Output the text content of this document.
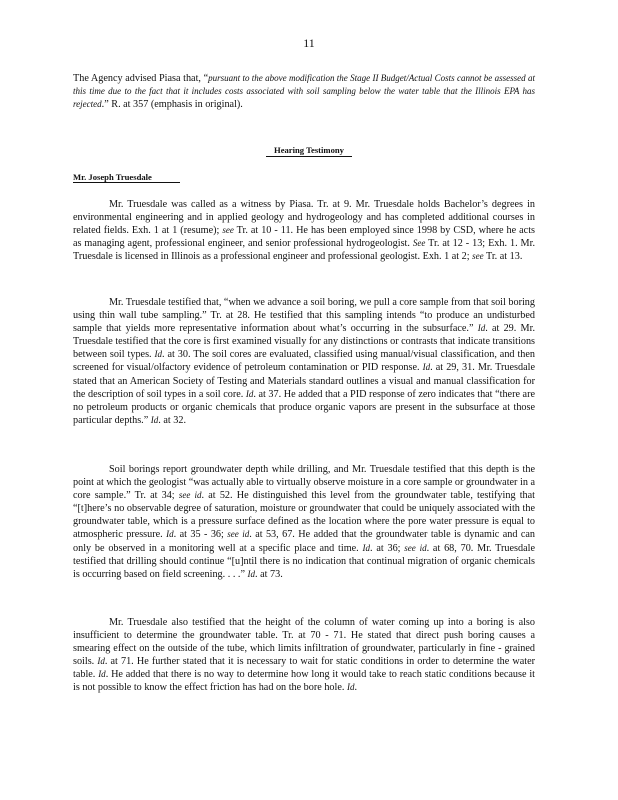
11

The Agency advised Piasa that, “pursuant to the above modification the Stage II Budget/Actual Costs cannot be assessed at this time due to the fact that it includes costs associated with soil sampling below the water table that the Illinois EPA has rejected.” R. at 357 (emphasis in original).

Hearing Testimony
Mr. Joseph Truesdale

Mr. Truesdale was called as a witness by Piasa. Tr. at 9. Mr. Truesdale holds Bachelor’s degrees in environmental engineering and in applied geology and hydrogeology and has completed additional courses in related fields. Exh. 1 at 1 (resume); see Tr. at 10 - 11. He has been employed since 1998 by CSD, where he acts as managing agent, professional engineer, and senior professional hydrogeologist. See Tr. at 12 - 13; Exh. 1. Mr. Truesdale is licensed in Illinois as a professional engineer and professional geologist. Exh. 1 at 2; see Tr. at 13.

Mr. Truesdale testified that, “when we advance a soil boring, we pull a core sample from that soil boring using thin wall tube sampling.” Tr. at 28. He testified that this sampling intends “to produce an undisturbed sample that yields more representative information about what’s occurring in the subsurface.” Id. at 29. Mr. Truesdale testified that the core is first examined visually for any distinctions or contrasts that indicate transitions between soil types. Id. at 30. The soil cores are evaluated, classified using manual/visual classification, and then screened for visual/olfactory evidence of petroleum contamination or PID response. Id. at 29, 31. Mr. Truesdale stated that an American Society of Testing and Materials standard outlines a visual and manual classification for the description of soil types in a soil core. Id. at 37. He added that a PID response of zero indicates that “there are no petroleum products or organic chemicals that produce organic vapors are present in the subsurface at those particular depths.” Id. at 32.

Soil borings report groundwater depth while drilling, and Mr. Truesdale testified that this depth is the point at which the geologist “was actually able to virtually observe moisture in a core sample or groundwater in a core sample.” Tr. at 34; see id. at 52. He distinguished this level from the groundwater table, testifying that “[t]here’s no observable degree of saturation, moisture or groundwater that could be uniquely associated with the groundwater table, which is a pressure surface defined as the location where the pore water pressure is equal to atmospheric pressure. Id. at 35 - 36; see id. at 53, 67. He added that the groundwater table is dynamic and can only be observed in a monitoring well at a specific place and time. Id. at 36; see id. at 68, 70. Mr. Truesdale testified that drilling should continue “[u]ntil there is no indication that continual migration of organic chemicals is occurring based on field screening. . . .” Id. at 73.

Mr. Truesdale also testified that the height of the column of water coming up into a boring is also insufficient to determine the groundwater table. Tr. at 70 - 71. He stated that direct push boring causes a smearing effect on the outside of the tube, which limits infiltration of groundwater, particularly in fine - grained soils. Id. at 71. He further stated that it is necessary to wait for static conditions in order to determine the water table. Id. He added that there is no way to determine how long it would take to reach static conditions because it is not possible to know the effect friction has had on the bore hole. Id.
